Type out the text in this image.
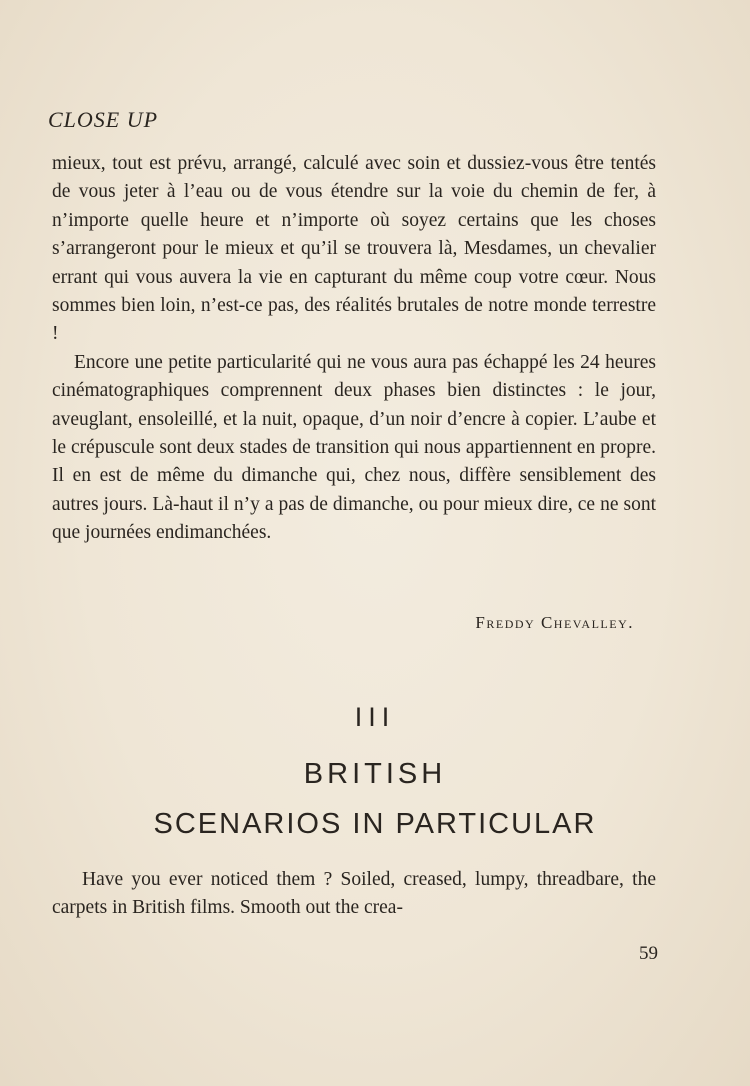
CLOSE UP

mieux, tout est prévu, arrangé, calculé avec soin et dussiez-vous être tentés de vous jeter à l’eau ou de vous étendre sur la voie du chemin de fer, à n’importe quelle heure et n’importe où soyez certains que les choses s’arrangeront pour le mieux et qu’il se trouvera là, Mesdames, un chevalier errant qui vous auvera la vie en capturant du même coup votre cœur. Nous sommes bien loin, n’est-ce pas, des réalités brutales de notre monde terrestre !

Encore une petite particularité qui ne vous aura pas échappé les 24 heures cinématographiques comprennent deux phases bien distinctes : le jour, aveuglant, ensoleillé, et la nuit, opaque, d’un noir d’encre à copier. L’aube et le crépuscule sont deux stades de transition qui nous appartiennent en propre. Il en est de même du dimanche qui, chez nous, diffère sensiblement des autres jours. Là-haut il n’y a pas de dimanche, ou pour mieux dire, ce ne sont que journées endimanchées.

Freddy Chevalley.
III
BRITISH
SCENARIOS IN PARTICULAR

Have you ever noticed them ? Soiled, creased, lumpy, threadbare, the carpets in British films. Smooth out the crea-

59
